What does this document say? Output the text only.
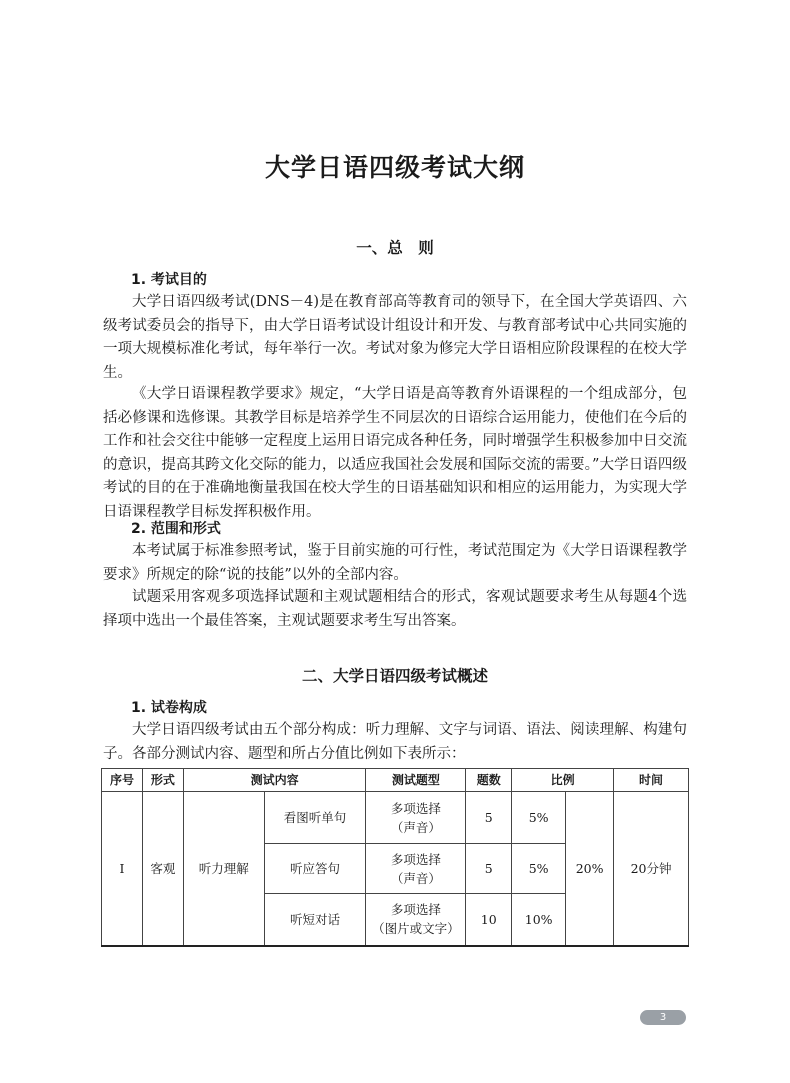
大学日语四级考试大纲
一、总　则
1. 考试目的

大学日语四级考试(DNS－4)是在教育部高等教育司的领导下，在全国大学英语四、六级考试委员会的指导下，由大学日语考试设计组设计和开发、与教育部考试中心共同实施的一项大规模标准化考试，每年举行一次。考试对象为修完大学日语相应阶段课程的在校大学生。

《大学日语课程教学要求》规定，“大学日语是高等教育外语课程的一个组成部分，包括必修课和选修课。其教学目标是培养学生不同层次的日语综合运用能力，使他们在今后的工作和社会交往中能够一定程度上运用日语完成各种任务，同时增强学生积极参加中日交流的意识，提高其跨文化交际的能力，以适应我国社会发展和国际交流的需要。”大学日语四级考试的目的在于准确地衡量我国在校大学生的日语基础知识和相应的运用能力，为实现大学日语课程教学目标发挥积极作用。

2. 范围和形式

本考试属于标准参照考试，鉴于目前实施的可行性，考试范围定为《大学日语课程教学要求》所规定的除“说的技能”以外的全部内容。

试题采用客观多项选择试题和主观试题相结合的形式，客观试题要求考生从每题4个选择项中选出一个最佳答案，主观试题要求考生写出答案。

二、大学日语四级考试概述
1. 试卷构成

大学日语四级考试由五个部分构成：听力理解、文字与词语、语法、阅读理解、构建句子。各部分测试内容、题型和所占分值比例如下表所示：

序号	形式	测试内容		测试题型	题数	比例		时间
Ⅰ	客观	听力理解	看图听单句	多项选择
（声音）	5	5%	20%	20分钟
			听应答句	多项选择
（声音）	5	5%		
			听短对话	多项选择
（图片或文字）	10	10%		
3
